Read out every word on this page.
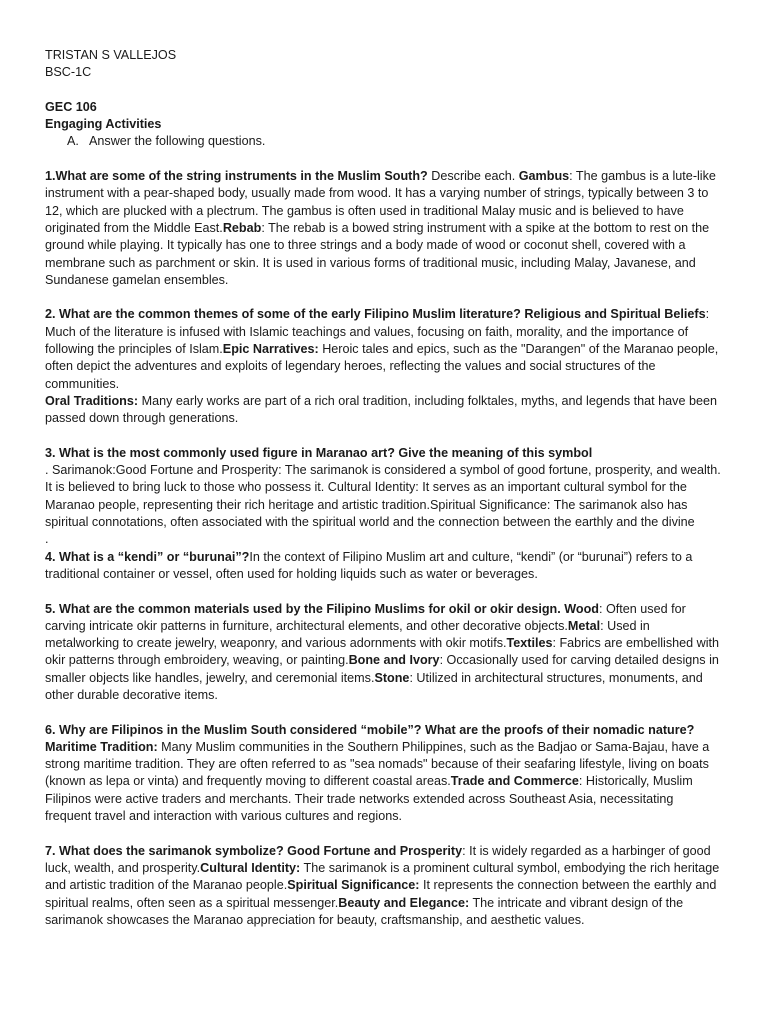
TRISTAN S VALLEJOS

BSC-1C

GEC 106

Engaging Activities

A. Answer the following questions.

1.What are some of the string instruments in the Muslim South? Describe each. Gambus: The gambus is a lute-like instrument with a pear-shaped body, usually made from wood. It has a varying number of strings, typically between 3 to 12, which are plucked with a plectrum. The gambus is often used in traditional Malay music and is believed to have originated from the Middle East.Rebab: The rebab is a bowed string instrument with a spike at the bottom to rest on the ground while playing. It typically has one to three strings and a body made of wood or coconut shell, covered with a membrane such as parchment or skin. It is used in various forms of traditional music, including Malay, Javanese, and Sundanese gamelan ensembles.

2. What are the common themes of some of the early Filipino Muslim literature? Religious and Spiritual Beliefs: Much of the literature is infused with Islamic teachings and values, focusing on faith, morality, and the importance of following the principles of Islam.Epic Narratives: Heroic tales and epics, such as the "Darangen" of the Maranao people, often depict the adventures and exploits of legendary heroes, reflecting the values and social structures of the communities.
Oral Traditions: Many early works are part of a rich oral tradition, including folktales, myths, and legends that have been passed down through generations.

3. What is the most commonly used figure in Maranao art? Give the meaning of this symbol
. Sarimanok:Good Fortune and Prosperity: The sarimanok is considered a symbol of good fortune, prosperity, and wealth. It is believed to bring luck to those who possess it. Cultural Identity: It serves as an important cultural symbol for the Maranao people, representing their rich heritage and artistic tradition.Spiritual Significance: The sarimanok also has spiritual connotations, often associated with the spiritual world and the connection between the earthly and the divine
.

4. What is a “kendi” or “burunai”?In the context of Filipino Muslim art and culture, “kendi” (or “burunai”) refers to a traditional container or vessel, often used for holding liquids such as water or beverages.

5. What are the common materials used by the Filipino Muslims for okil or okir design. Wood: Often used for carving intricate okir patterns in furniture, architectural elements, and other decorative objects.Metal: Used in metalworking to create jewelry, weaponry, and various adornments with okir motifs.Textiles: Fabrics are embellished with okir patterns through embroidery, weaving, or painting.Bone and Ivory: Occasionally used for carving detailed designs in smaller objects like handles, jewelry, and ceremonial items.Stone: Utilized in architectural structures, monuments, and other durable decorative items.

6. Why are Filipinos in the Muslim South considered “mobile”? What are the proofs of their nomadic nature?
Maritime Tradition: Many Muslim communities in the Southern Philippines, such as the Badjao or Sama-Bajau, have a strong maritime tradition. They are often referred to as "sea nomads" because of their seafaring lifestyle, living on boats (known as lepa or vinta) and frequently moving to different coastal areas.Trade and Commerce: Historically, Muslim Filipinos were active traders and merchants. Their trade networks extended across Southeast Asia, necessitating frequent travel and interaction with various cultures and regions.

7. What does the sarimanok symbolize? Good Fortune and Prosperity: It is widely regarded as a harbinger of good luck, wealth, and prosperity.Cultural Identity: The sarimanok is a prominent cultural symbol, embodying the rich heritage and artistic tradition of the Maranao people.Spiritual Significance: It represents the connection between the earthly and spiritual realms, often seen as a spiritual messenger.Beauty and Elegance: The intricate and vibrant design of the sarimanok showcases the Maranao appreciation for beauty, craftsmanship, and aesthetic values.
